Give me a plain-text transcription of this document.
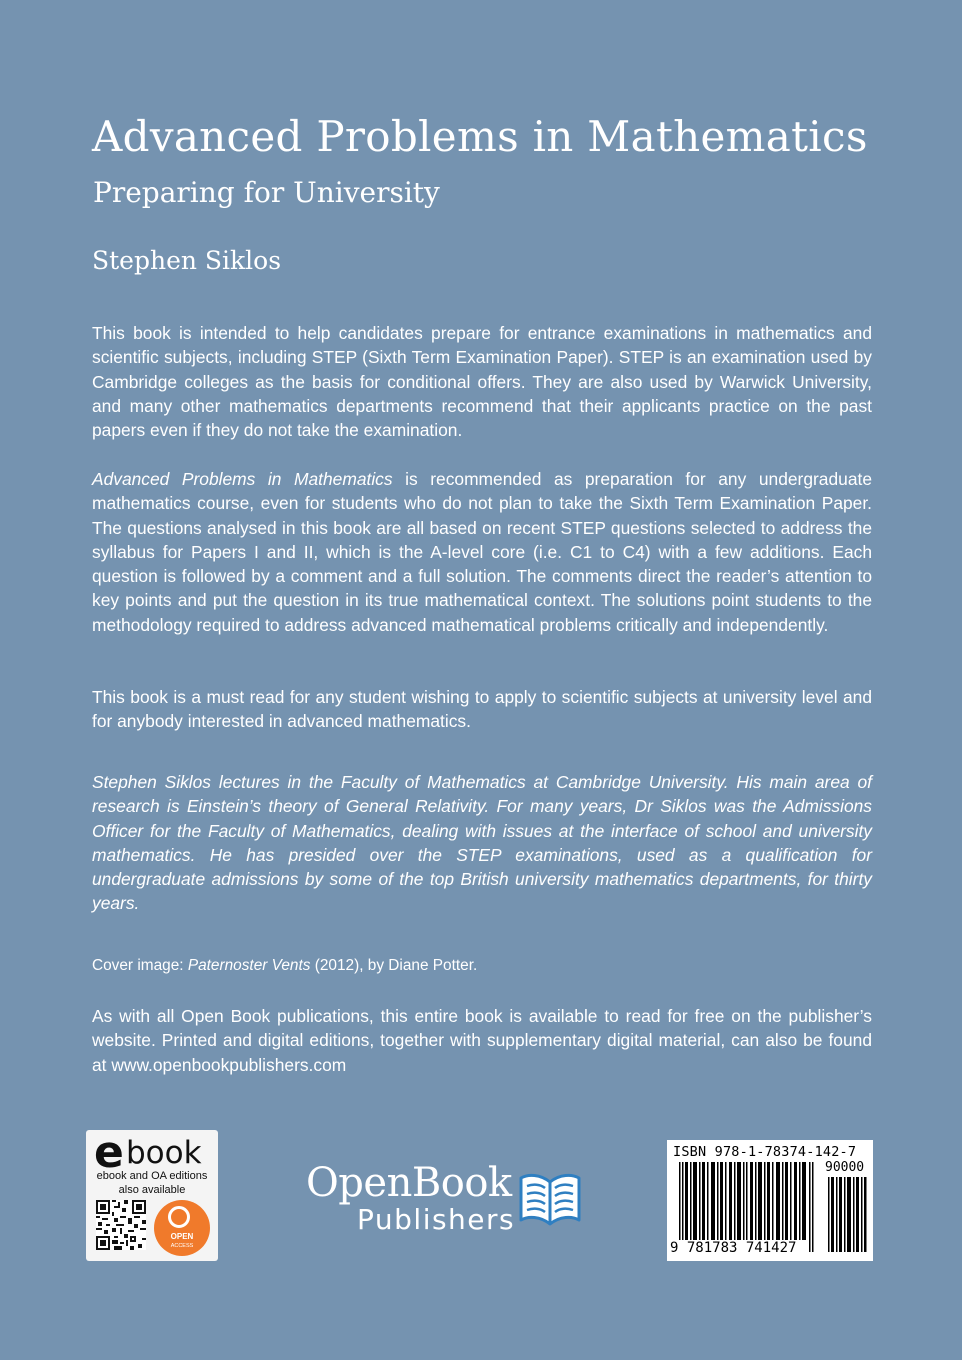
Advanced Problems in Mathematics
Preparing for University
Stephen Siklos

This book is intended to help candidates prepare for entrance examinations in mathematics and scientific subjects, including STEP (Sixth Term Examination Paper). STEP is an examination used by Cambridge colleges as the basis for conditional offers. They are also used by Warwick University, and many other mathematics departments recommend that their applicants practice on the past papers even if they do not take the examination.

Advanced Problems in Mathematics is recommended as preparation for any undergraduate mathematics course, even for students who do not plan to take the Sixth Term Examination Paper. The questions analysed in this book are all based on recent STEP questions selected to address the syllabus for Papers I and II, which is the A-level core (i.e. C1 to C4) with a few additions. Each question is followed by a comment and a full solution. The comments direct the reader’s attention to key points and put the question in its true mathematical context. The solutions point students to the methodology required to address advanced mathematical problems critically and independently.

This book is a must read for any student wishing to apply to scientific subjects at university level and for anybody interested in advanced mathematics.

Stephen Siklos lectures in the Faculty of Mathematics at Cambridge University. His main area of research is Einstein’s theory of General Relativity. For many years, Dr Siklos was the Admissions Officer for the Faculty of Mathematics, dealing with issues at the interface of school and university mathematics. He has presided over the STEP examinations, used as a qualification for undergraduate admissions by some of the top British university mathematics departments, for thirty years.

Cover image: Paternoster Vents (2012), by Diane Potter.

As with all Open Book publications, this entire book is available to read for free on the publisher’s website. Printed and digital editions, together with supplementary digital material, can also be found at www.openbookpublishers.com

e book
ebook and OA editions
also available
OPEN
ACCESS
OpenBook
Publishers
ISBN 978-1-78374-142-7
90000
9 781783 741427
